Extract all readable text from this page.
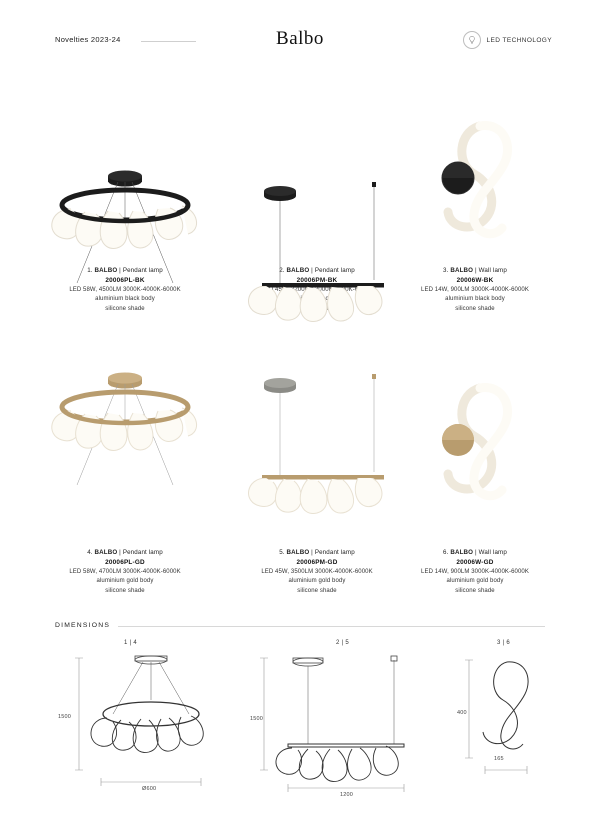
Novelties 2023-24	Balbo	LED TECHNOLOGY
1. BALBO | Pendant lamp
20006PL-BK
LED 58W, 4500LM 3000K-4000K-6000K
aluminium black body
silicone shade
2. BALBO | Pendant lamp
20006PM-BK
3200LM
3. BALBO | Wall lamp
20006W-BK
LED 14W, 900LM 3000K-4000K-6000K
aluminium black body
silicone shade
4. BALBO | Pendant lamp
20006PL-GD
LED 58W, 4700LM 3000K-4000K-6000K
aluminium gold body
silicone shade
5. BALBO | Pendant lamp
20006PM-GD
LED 45W, 3500LM 3000K-4000K-6000K
aluminium gold body
silicone shade
6. BALBO | Wall lamp
20006W-GD
LED 14W, 900LM 3000K-4000K-6000K
aluminium gold body
silicone shade
DIMENSIONS
1 | 4
1500
Ø600
2 | 5
1500
1200
3 | 6
400
165
